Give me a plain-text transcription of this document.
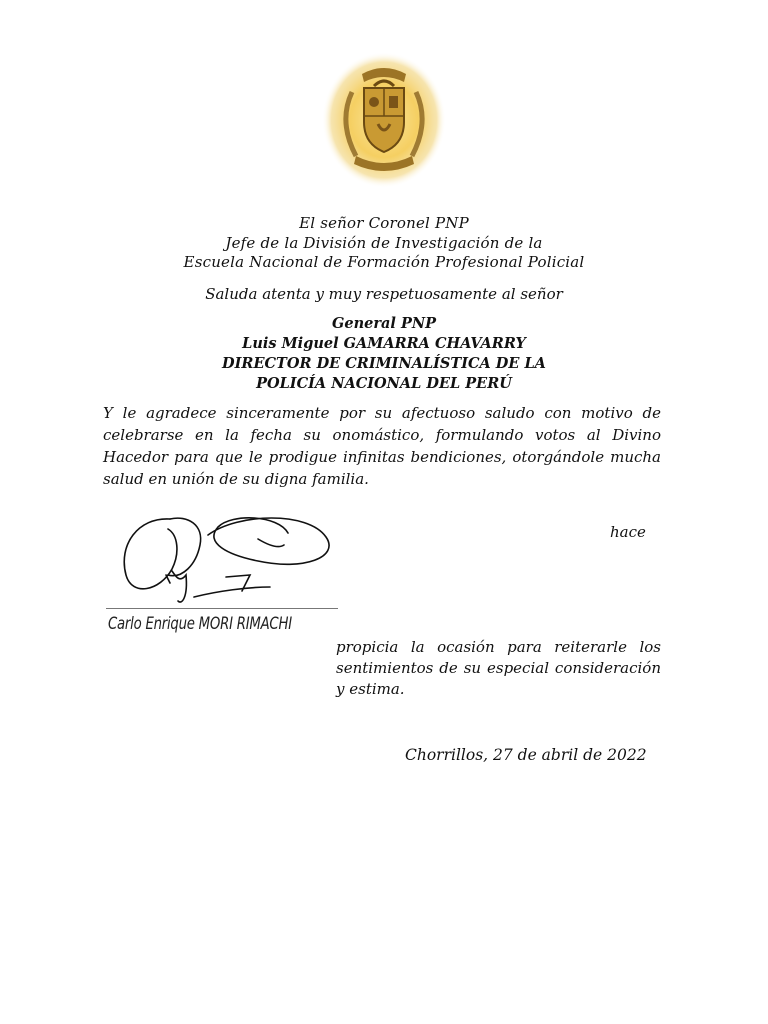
El señor Coronel PNP
Jefe de la División de Investigación de la
Escuela Nacional de Formación Profesional Policial
Saluda atenta y muy respetuosamente al señor
General PNP
Luis Miguel GAMARRA CHAVARRY
DIRECTOR DE CRIMINALÍSTICA DE LA
POLICÍA NACIONAL DEL PERÚ
Y le agradece sinceramente por su afectuoso saludo con motivo de celebrarse en la fecha su onomástico, formulando votos al Divino Hacedor para que le prodigue infinitas bendiciones, otorgándole mucha salud en unión de su digna familia.
hace
Carlo Enrique MORI RIMACHI
propicia la ocasión para reiterarle los sentimientos de su especial consideración y estima.
Chorrillos, 27 de abril de 2022
